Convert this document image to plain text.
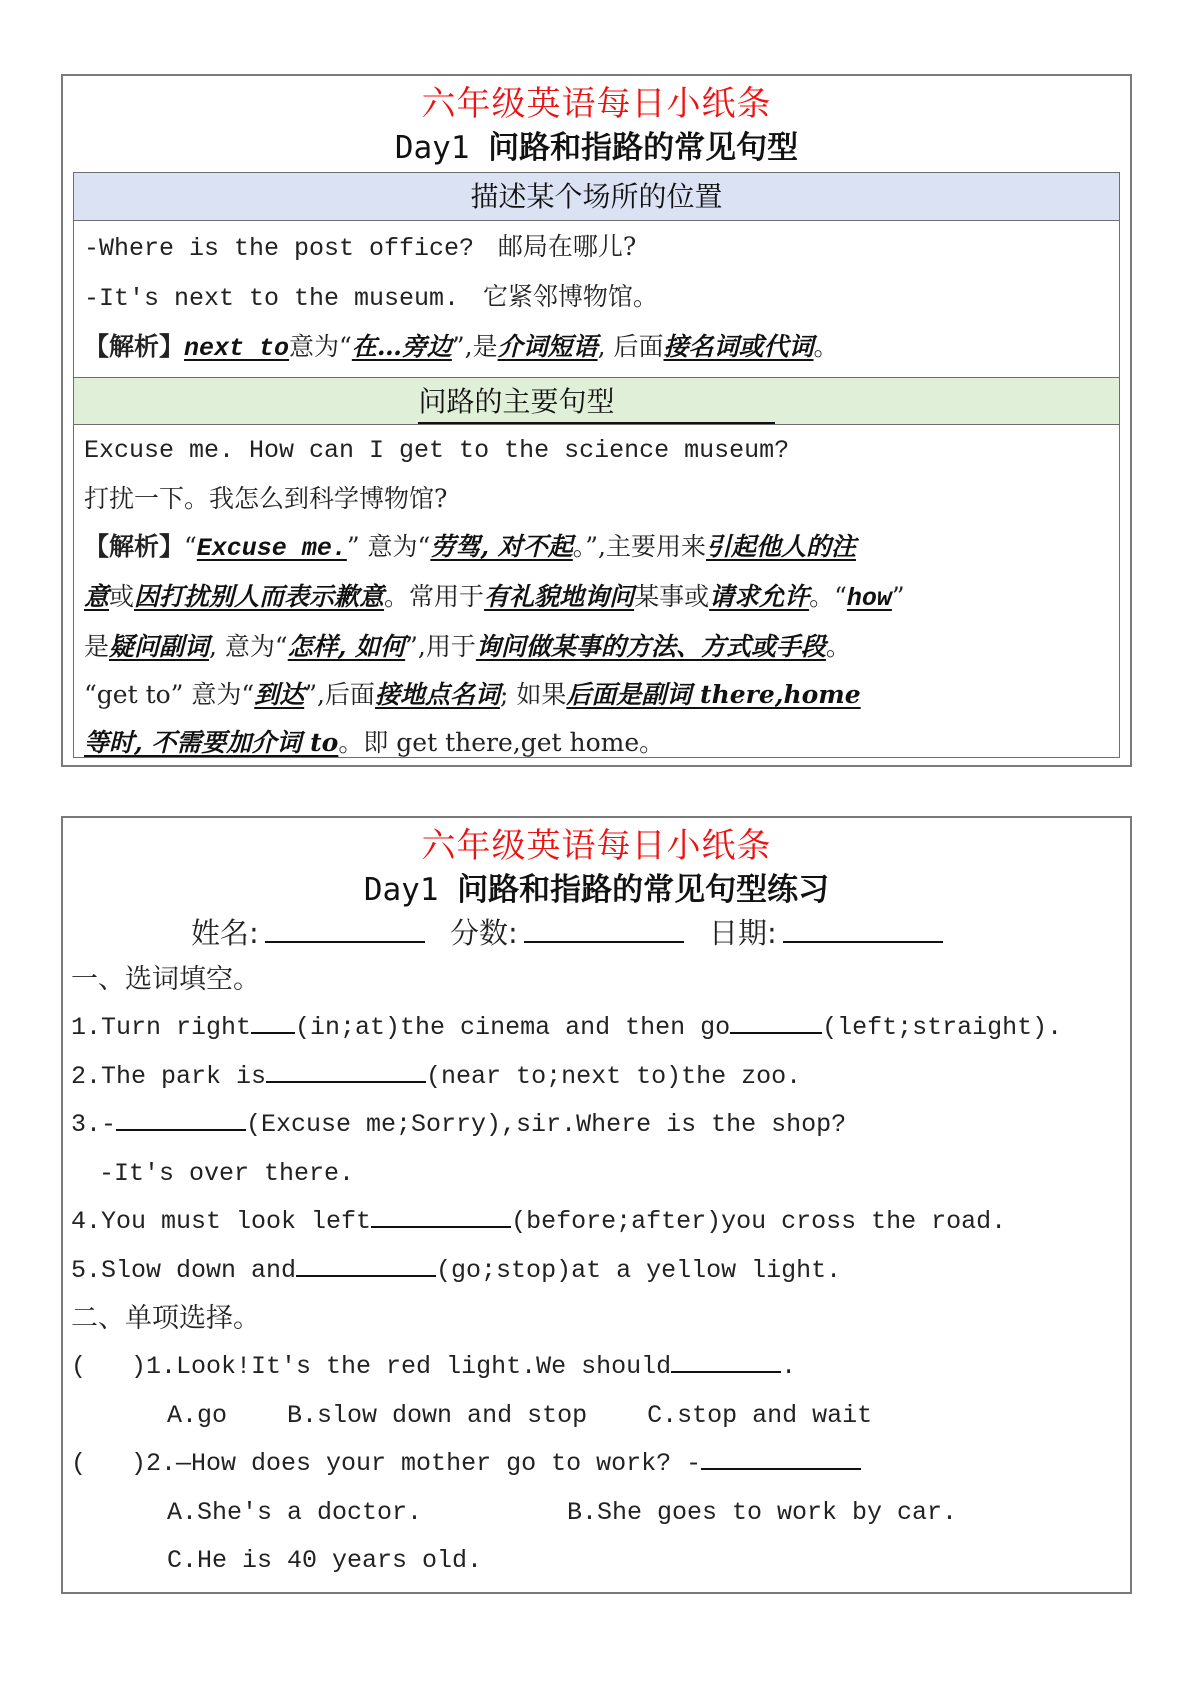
六年级英语每日小纸条
Day1 问路和指路的常见句型
描述某个场所的位置
-Where is the post office? 邮局在哪儿?
-It's next to the museum. 它紧邻博物馆。
【解析】next to意为“在…旁边”,是介词短语, 后面接名词或代词。
问路的主要句型
Excuse me. How can I get to the science museum?
打扰一下。我怎么到科学博物馆?
【解析】“Excuse me.” 意为“劳驾, 对不起。”,主要用来引起他人的注
意或因打扰别人而表示歉意。常用于有礼貌地询问某事或请求允许。“how”
是疑问副词, 意为“怎样, 如何”,用于询问做某事的方法、方式或手段。
“get to” 意为“到达”,后面接地点名词; 如果后面是副词 there,home
等时, 不需要加介词 to。即 get there,get home。
六年级英语每日小纸条
Day1 问路和指路的常见句型练习
姓名:	分数:	日期:
一、选词填空。
1.Turn right (in;at)the cinema and then go	(left;straight).
2.The park is	(near to;next to)the zoo.
3.-	(Excuse me;Sorry),sir.Where is the shop?
-It's over there.
4.You must look left	(before;after)you cross the road.
5.Slow down and	(go;stop)at a yellow light.
二、单项选择。
(   )1.Look!It's the red light.We should	.
A.go B.slow down and stop C.stop and wait
(   )2.—How does your mother go to work? -
A.She's a doctor.	B.She goes to work by car.
C.He is 40 years old.
